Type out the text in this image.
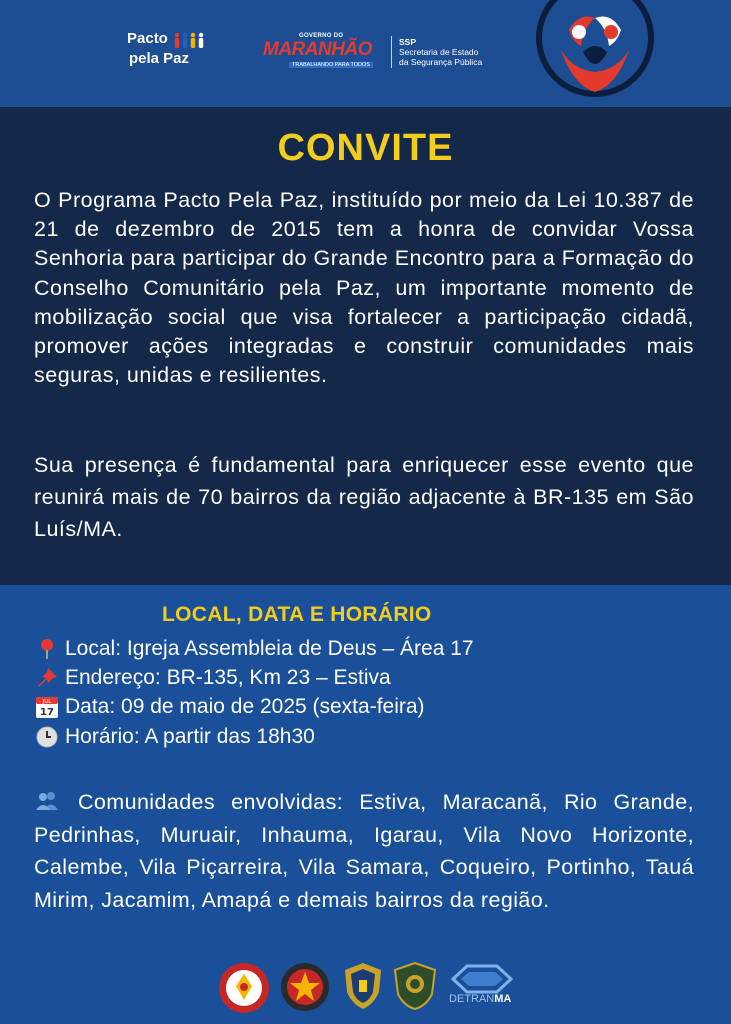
Pacto
pela Paz
GOVERNO DO
MARANHÃO
TRABALHANDO PARA TODOS
SSP
Secretaria de Estado
da Segurança Pública
CONVITE
O Programa Pacto Pela Paz, instituído por meio da Lei 10.387 de 21 de dezembro de 2015 tem a honra de convidar Vossa Senhoria para participar do Grande Encontro para a Formação do Conselho Comunitário pela Paz, um importante momento de mobilização social que visa fortalecer a participação cidadã, promover ações integradas e construir comunidades mais seguras, unidas e resilientes.
Sua presença é fundamental para enriquecer esse evento que reunirá mais de 70 bairros da região adjacente à BR-135 em São Luís/MA.
LOCAL, DATA E HORÁRIO
Local: Igreja Assembleia de Deus – Área 17
Endereço: BR-135, Km 23 – Estiva
JUL
17 Data: 09 de maio de 2025 (sexta-feira)
Horário: A partir das 18h30
Comunidades envolvidas: Estiva, Maracanã, Rio Grande, Pedrinhas, Muruair, Inhauma, Igarau, Vila Novo Horizonte, Calembe, Vila Piçarreira, Vila Samara, Coqueiro, Portinho, Tauá Mirim, Jacamim, Amapá e demais bairros da região.
DETRANMA
